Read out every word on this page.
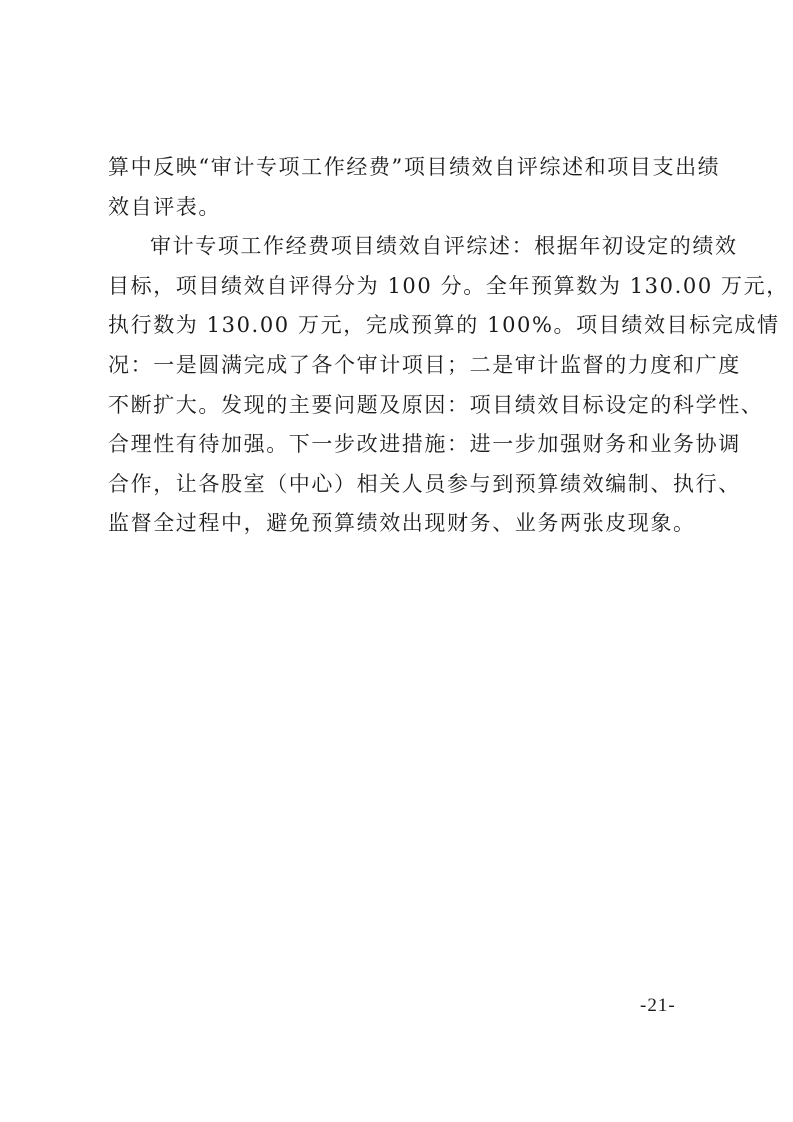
算中反映“审计专项工作经费”项目绩效自评综述和项目支出绩
效自评表。
审计专项工作经费项目绩效自评综述：根据年初设定的绩效
目标，项目绩效自评得分为 100 分。全年预算数为 130.00 万元，
执行数为 130.00 万元，完成预算的 100%。项目绩效目标完成情
况：一是圆满完成了各个审计项目；二是审计监督的力度和广度
不断扩大。发现的主要问题及原因：项目绩效目标设定的科学性、
合理性有待加强。下一步改进措施：进一步加强财务和业务协调
合作，让各股室（中心）相关人员参与到预算绩效编制、执行、
监督全过程中，避免预算绩效出现财务、业务两张皮现象。
-21-
